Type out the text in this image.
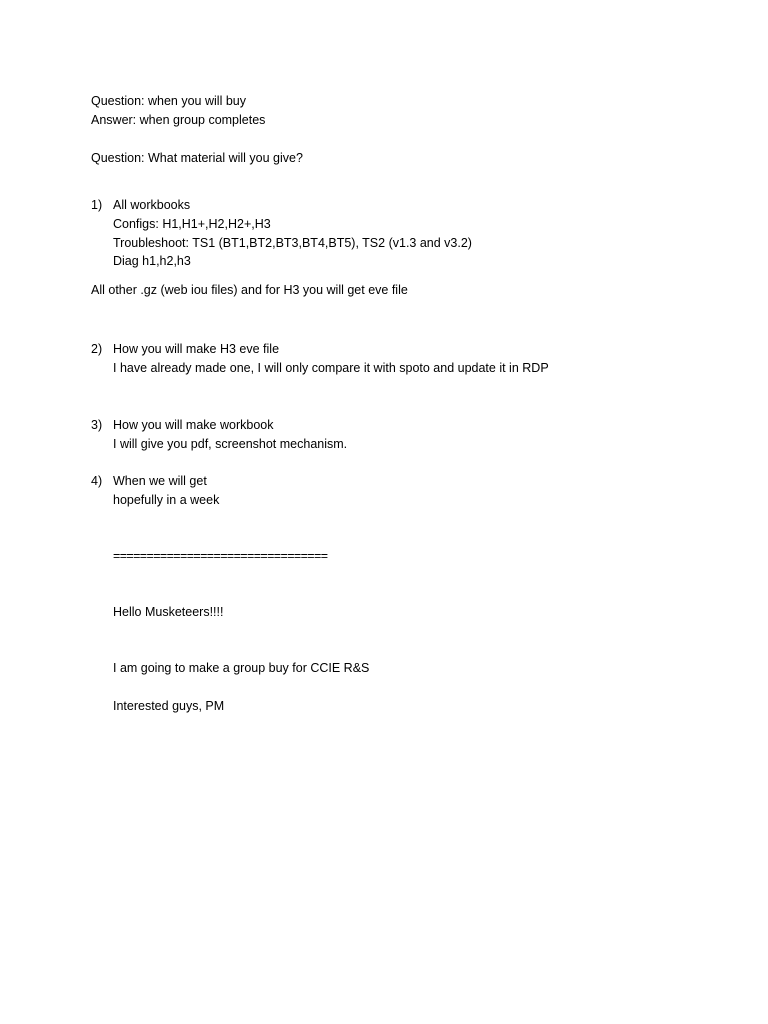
Question: when you will buy
Answer: when group completes
Question: What material will you give?
1) All workbooks
Configs: H1,H1+,H2,H2+,H3
Troubleshoot: TS1 (BT1,BT2,BT3,BT4,BT5), TS2 (v1.3 and v3.2)
Diag h1,h2,h3
All other .gz (web iou files) and for H3 you will get eve file
2) How you will make H3 eve file
I have already made one, I will only compare it with spoto and update it in RDP
3) How you will make workbook
I will give you pdf, screenshot mechanism.
4) When we will get
hopefully in a week
================================
Hello Musketeers!!!!
I am going to make a group buy for CCIE R&S
Interested guys, PM
